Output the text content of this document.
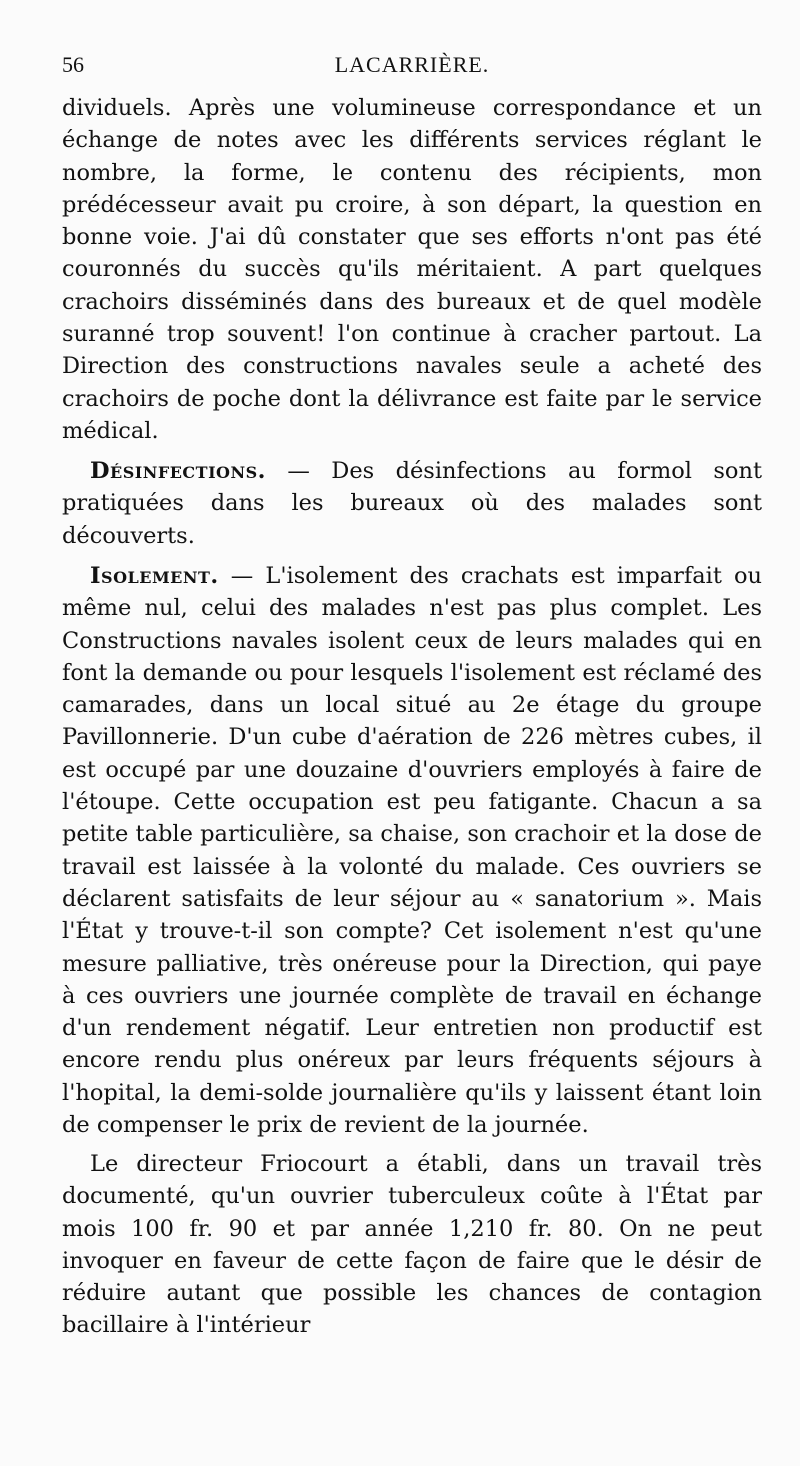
56	LACARRIÈRE.

dividuels. Après une volumineuse correspondance et un échange de notes avec les différents services réglant le nombre, la forme, le contenu des récipients, mon prédécesseur avait pu croire, à son départ, la question en bonne voie. J'ai dû constater que ses efforts n'ont pas été couronnés du succès qu'ils méritaient. A part quelques crachoirs disséminés dans des bureaux et de quel modèle suranné trop souvent! l'on continue à cracher partout. La Direction des constructions navales seule a acheté des crachoirs de poche dont la délivrance est faite par le service médical.

Désinfections. — Des désinfections au formol sont pratiquées dans les bureaux où des malades sont découverts.

Isolement. — L'isolement des crachats est imparfait ou même nul, celui des malades n'est pas plus complet. Les Constructions navales isolent ceux de leurs malades qui en font la demande ou pour lesquels l'isolement est réclamé des camarades, dans un local situé au 2e étage du groupe Pavillonnerie. D'un cube d'aération de 226 mètres cubes, il est occupé par une douzaine d'ouvriers employés à faire de l'étoupe. Cette occupation est peu fatigante. Chacun a sa petite table particulière, sa chaise, son crachoir et la dose de travail est laissée à la volonté du malade. Ces ouvriers se déclarent satisfaits de leur séjour au « sanatorium ». Mais l'État y trouve-t-il son compte? Cet isolement n'est qu'une mesure palliative, très onéreuse pour la Direction, qui paye à ces ouvriers une journée complète de travail en échange d'un rendement négatif. Leur entretien non productif est encore rendu plus onéreux par leurs fréquents séjours à l'hopital, la demi-solde journalière qu'ils y laissent étant loin de compenser le prix de revient de la journée.

Le directeur Friocourt a établi, dans un travail très documenté, qu'un ouvrier tuberculeux coûte à l'État par mois 100 fr. 90 et par année 1,210 fr. 80. On ne peut invoquer en faveur de cette façon de faire que le désir de réduire autant que possible les chances de contagion bacillaire à l'intérieur
